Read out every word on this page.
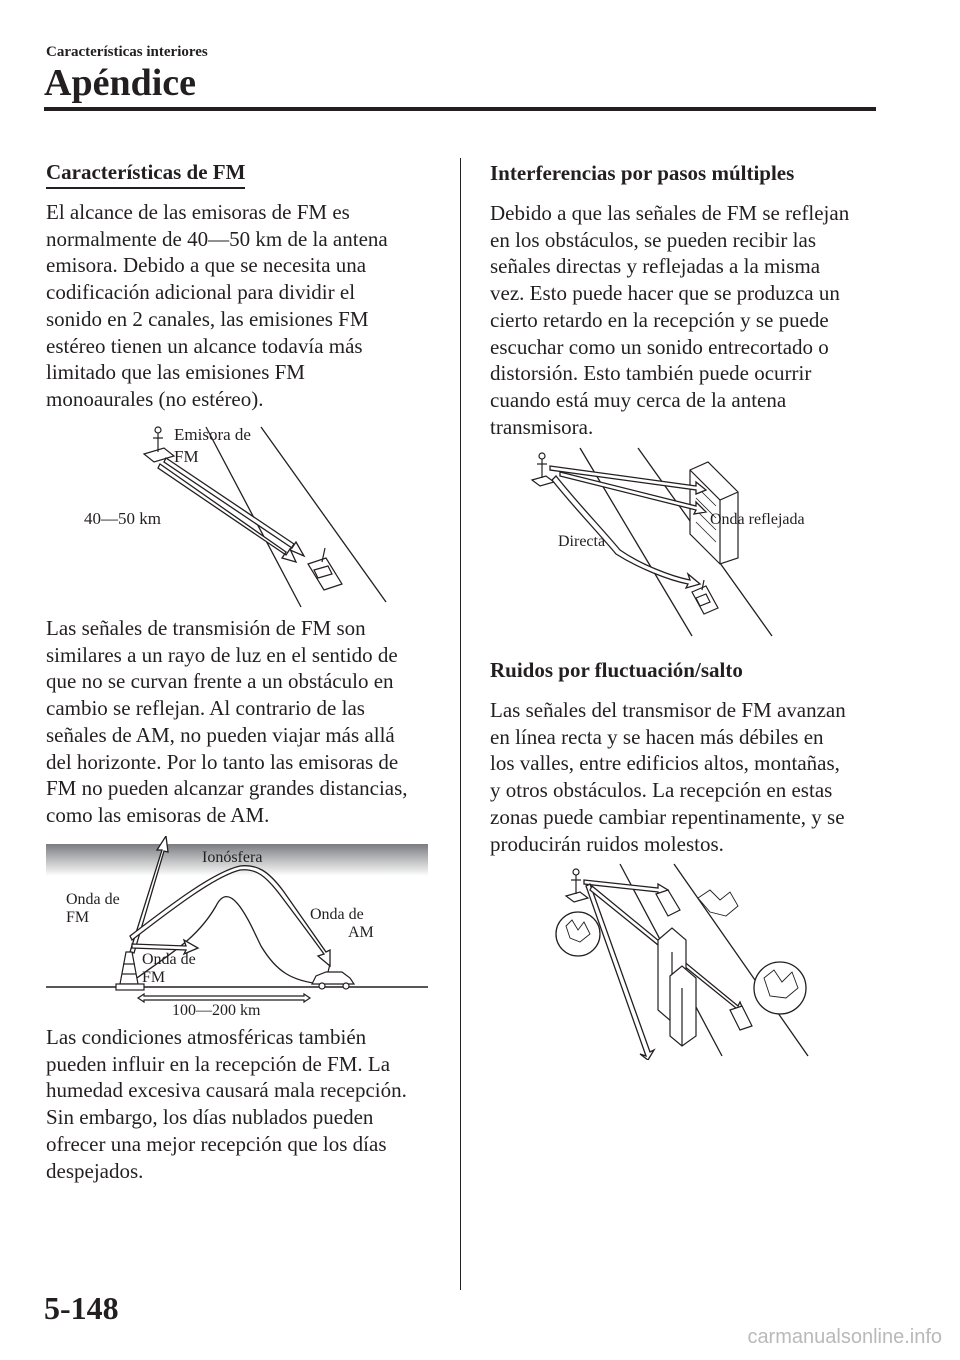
Características interiores
Apéndice
Características de FM
El alcance de las emisoras de FM es
normalmente de 40―50 km de la antena
emisora. Debido a que se necesita una
codificación adicional para dividir el
sonido en 2 canales, las emisiones FM
estéreo tienen un alcance todavía más
limitado que las emisiones FM
monoaurales (no estéreo).
Emisora de
FM
40―50 km
Las señales de transmisión de FM son
similares a un rayo de luz en el sentido de
que no se curvan frente a un obstáculo en
cambio se reflejan. Al contrario de las
señales de AM, no pueden viajar más allá
del horizonte. Por lo tanto las emisoras de
FM no pueden alcanzar grandes distancias,
como las emisoras de AM.
Ionósfera
Onda de
FM	Onda de
AM
Onda de
FM
100―200 km
Las condiciones atmosféricas también
pueden influir en la recepción de FM. La
humedad excesiva causará mala recepción.
Sin embargo, los días nublados pueden
ofrecer una mejor recepción que los días
despejados.
Interferencias por pasos múltiples
Debido a que las señales de FM se reflejan
en los obstáculos, se pueden recibir las
señales directas y reflejadas a la misma
vez. Esto puede hacer que se produzca un
cierto retardo en la recepción y se puede
escuchar como un sonido entrecortado o
distorsión. Esto también puede ocurrir
cuando está muy cerca de la antena
transmisora.
Onda reflejada
Directa
Ruidos por fluctuación/salto
Las señales del transmisor de FM avanzan
en línea recta y se hacen más débiles en
los valles, entre edificios altos, montañas,
y otros obstáculos. La recepción en estas
zonas puede cambiar repentinamente, y se
producirán ruidos molestos.
5-148
carmanualsonline.info
